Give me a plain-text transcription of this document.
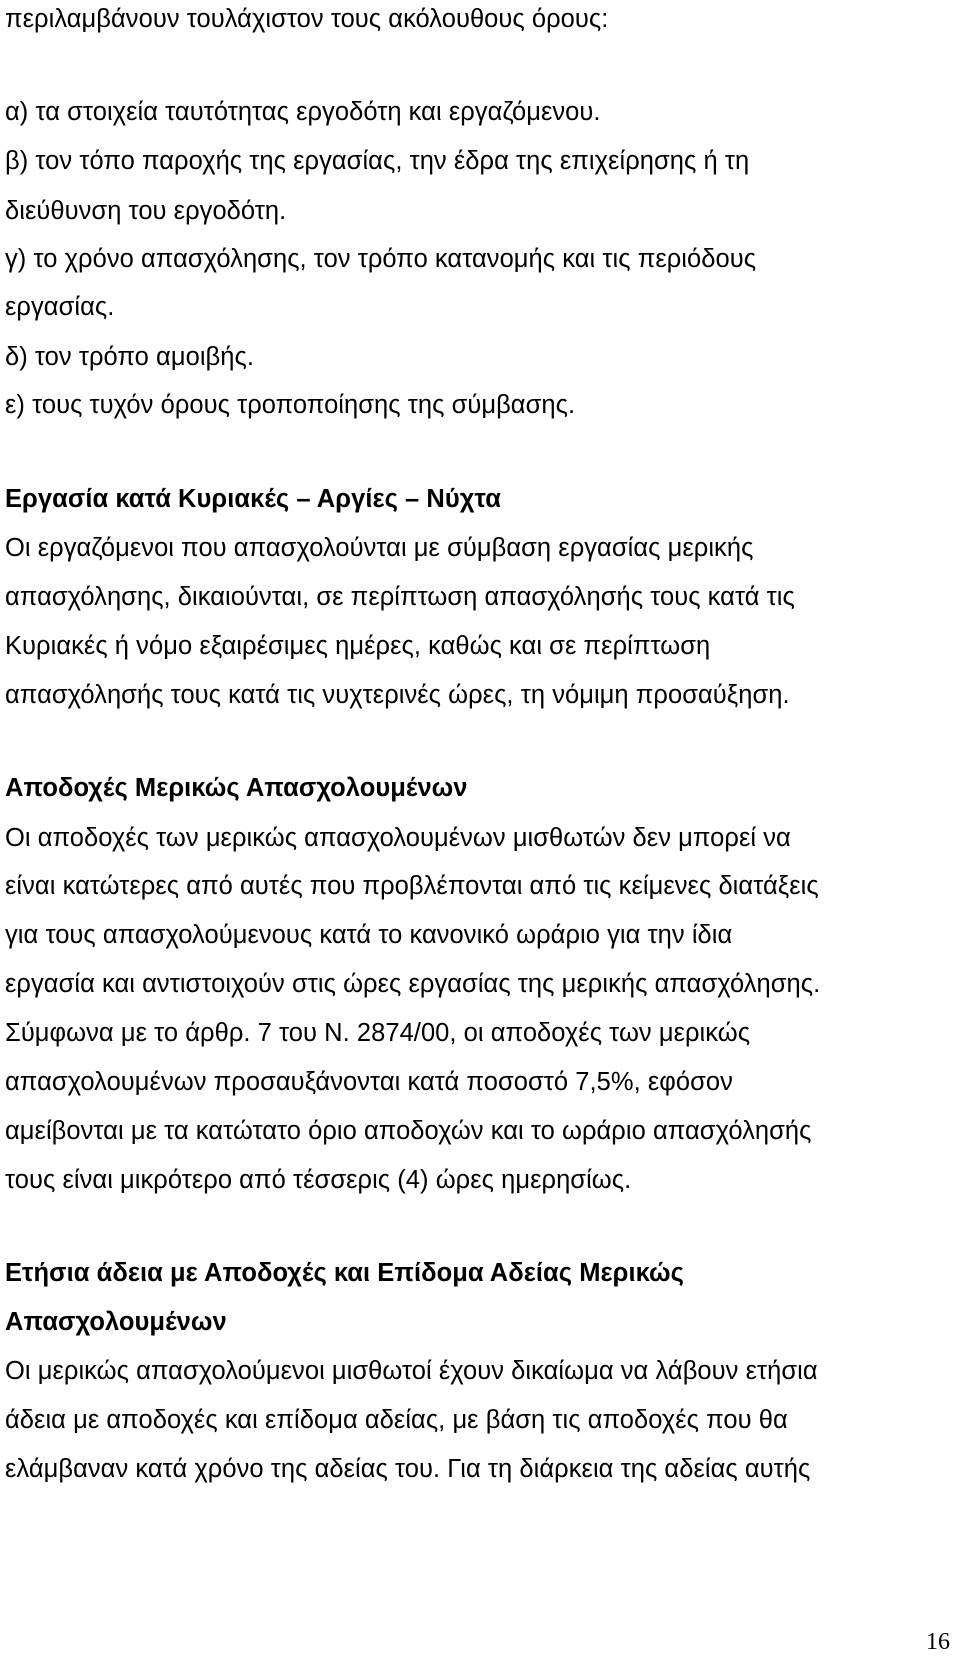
περιλαμβάνουν τουλάχιστον τους ακόλουθους όρους:
α) τα στοιχεία ταυτότητας εργοδότη και εργαζόμενου.
β) τον τόπο παροχής της εργασίας, την έδρα της επιχείρησης ή τη
διεύθυνση του εργοδότη.
γ) το χρόνο απασχόλησης, τον τρόπο κατανομής και τις περιόδους
εργασίας.
δ) τον τρόπο αμοιβής.
ε) τους τυχόν όρους τροποποίησης της σύμβασης.
Εργασία κατά Κυριακές – Αργίες – Νύχτα
Οι εργαζόμενοι που απασχολούνται με σύμβαση εργασίας μερικής
απασχόλησης, δικαιούνται, σε περίπτωση απασχόλησής τους κατά τις
Κυριακές ή νόμο εξαιρέσιμες ημέρες, καθώς και σε περίπτωση
απασχόλησής τους κατά τις νυχτερινές ώρες, τη νόμιμη προσαύξηση.
Αποδοχές Μερικώς Απασχολουμένων
Οι αποδοχές των μερικώς απασχολουμένων μισθωτών δεν μπορεί να
είναι κατώτερες από αυτές που προβλέπονται από τις κείμενες διατάξεις
για τους απασχολούμενους κατά το κανονικό ωράριο για την ίδια
εργασία και αντιστοιχούν στις ώρες εργασίας της μερικής απασχόλησης.
Σύμφωνα με το άρθρ. 7 του Ν. 2874/00, οι αποδοχές των μερικώς
απασχολουμένων προσαυξάνονται κατά ποσοστό 7,5%, εφόσον
αμείβονται με τα κατώτατο όριο αποδοχών και το ωράριο απασχόλησής
τους είναι μικρότερο από τέσσερις (4) ώρες ημερησίως.
Ετήσια άδεια με Αποδοχές και Επίδομα Αδείας Μερικώς
Απασχολουμένων
Οι μερικώς απασχολούμενοι μισθωτοί έχουν δικαίωμα να λάβουν ετήσια
άδεια με αποδοχές και επίδομα αδείας, με βάση τις αποδοχές που θα
ελάμβαναν κατά χρόνο της αδείας του. Για τη διάρκεια της αδείας αυτής
16
